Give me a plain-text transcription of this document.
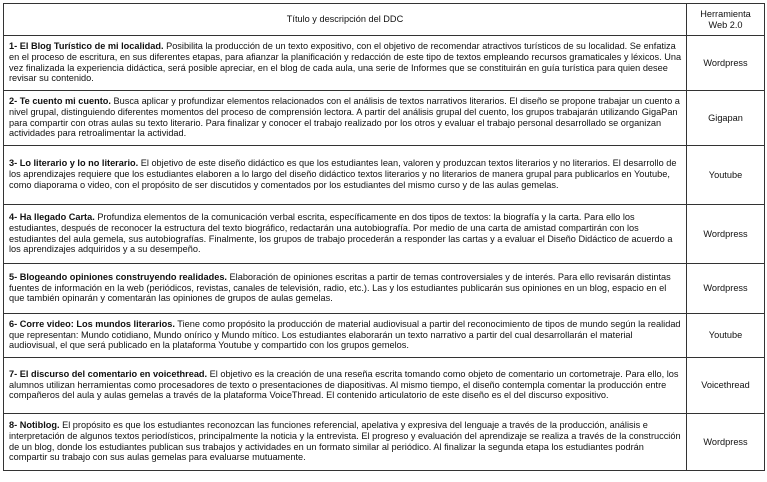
Título y descripción del DDC	Herramienta
Web 2.0
1- El Blog Turístico de mi localidad. Posibilita la producción de un texto expositivo, con el objetivo de recomendar atractivos turísticos de su localidad. Se enfatiza en el proceso de escritura, en sus diferentes etapas, para afianzar la planificación y redacción de este tipo de textos empleando recursos gramaticales y léxicos. Una vez finalizada la experiencia didáctica, será posible apreciar, en el blog de cada aula, una serie de Informes que se constituirán en guía turística para quien desee revisar su contenido.	Wordpress
2- Te cuento mi cuento. Busca aplicar y profundizar elementos relacionados con el análisis de textos narrativos literarios. El diseño se propone trabajar un cuento a nivel grupal, distinguiendo diferentes momentos del proceso de comprensión lectora. A partir del análisis grupal del cuento, los grupos trabajarán utilizando GigaPan para compartir con otras aulas su texto literario. Para finalizar y conocer el trabajo realizado por los otros y evaluar el trabajo personal desarrollado se organizan actividades para retroalimentar la actividad.	Gigapan
3- Lo literario y lo no literario. El objetivo de este diseño didáctico es que los estudiantes lean, valoren y produzcan textos literarios y no literarios. El desarrollo de los aprendizajes requiere que los estudiantes elaboren a lo largo del diseño didáctico textos literarios y no literarios de manera grupal para publicarlos en Youtube, como diaporama o video, con el propósito de ser discutidos y comentados por los estudiantes del mismo curso y de las aulas gemelas.	Youtube
4- Ha llegado Carta. Profundiza elementos de la comunicación verbal escrita, específicamente en dos tipos de textos: la biografía y la carta. Para ello los estudiantes, después de reconocer la estructura del texto biográfico, redactarán una autobiografía. Por medio de una carta de amistad compartirán con los estudiantes del aula gemela, sus autobiografías. Finalmente, los grupos de trabajo procederán a responder las cartas y a evaluar el Diseño Didáctico de acuerdo a los aprendizajes adquiridos y a su desempeño.	Wordpress
5- Blogeando opiniones construyendo realidades. Elaboración de opiniones escritas a partir de temas controversiales y de interés. Para ello revisarán distintas fuentes de información en la web (periódicos, revistas, canales de televisión, radio, etc.). Las y los estudiantes publicarán sus opiniones en un blog, espacio en el que también opinarán y comentarán las opiniones de grupos de aulas gemelas.	Wordpress
6- Corre video: Los mundos literarios. Tiene como propósito la producción de material audiovisual a partir del reconocimiento de tipos de mundo según la realidad que representan: Mundo cotidiano, Mundo onírico y Mundo mítico. Los estudiantes elaborarán un texto narrativo a partir del cual desarrollarán el material audiovisual, el que será publicado en la plataforma Youtube y compartido con los grupos gemelos.	Youtube
7- El discurso del comentario en voicethread. El objetivo es la creación de una reseña escrita tomando como objeto de comentario un cortometraje. Para ello, los alumnos utilizan herramientas como procesadores de texto o presentaciones de diapositivas. Al mismo tiempo, el diseño contempla comentar la producción entre compañeros del aula y aulas gemelas a través de la plataforma VoiceThread. El contenido articulatorio de este diseño es el del discurso expositivo.	Voicethread
8- Notiblog. El propósito es que los estudiantes reconozcan las funciones referencial, apelativa y expresiva del lenguaje a través de la producción, análisis e interpretación de algunos textos periodísticos, principalmente la noticia y la entrevista. El progreso y evaluación del aprendizaje se realiza a través de la construcción de un blog, donde los estudiantes publican sus trabajos y actividades en un formato similar al periódico. Al finalizar la segunda etapa los estudiantes podrán compartir su trabajo con sus aulas gemelas para evaluarse mutuamente.	Wordpress
